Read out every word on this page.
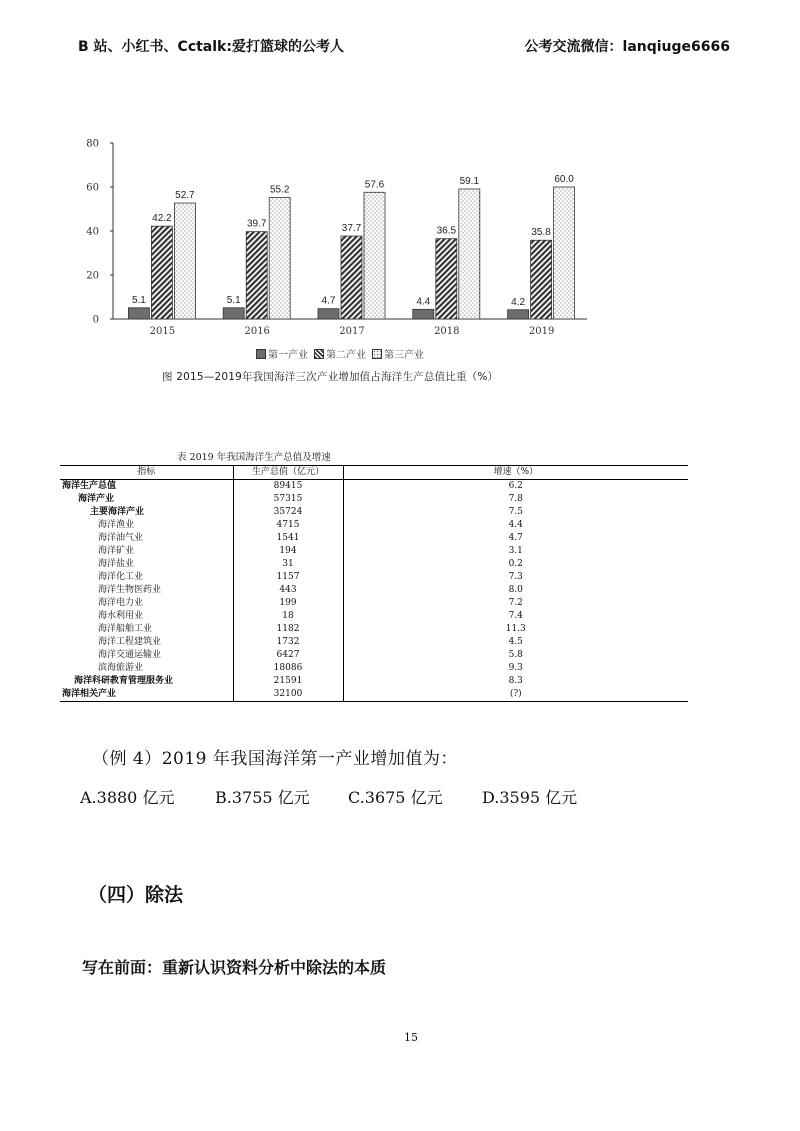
B 站、小红书、Cctalk:爱打篮球的公考人	公考交流微信：lanqiuge6666
0
20
40
60
80
5.1
42.2
52.7
2015
5.1
39.7
55.2
2016
4.7
37.7
57.6
2017
4.4
36.5
59.1
2018
4.2
35.8
60.0
2019
第一产业	第二产业	第三产业
图 2015—2019年我国海洋三次产业增加值占海洋生产总值比重（%）
表 2019 年我国海洋生产总值及增速
指标	生产总值（亿元）	增速（%）
海洋生产总值	89415	6.2
海洋产业	57315	7.8
主要海洋产业	35724	7.5
海洋渔业	4715	4.4
海洋油气业	1541	4.7
海洋矿业	194	3.1
海洋盐业	31	0.2
海洋化工业	1157	7.3
海洋生物医药业	443	8.0
海洋电力业	199	7.2
海水利用业	18	7.4
海洋船舶工业	1182	11.3
海洋工程建筑业	1732	4.5
海洋交通运输业	6427	5.8
滨海旅游业	18086	9.3
海洋科研教育管理服务业	21591	8.3
海洋相关产业	32100	(?)
（例 4）2019 年我国海洋第一产业增加值为：
A.3880 亿元	B.3755 亿元 C.3675 亿元 D.3595 亿元
（四）除法
写在前面：重新认识资料分析中除法的本质
15
